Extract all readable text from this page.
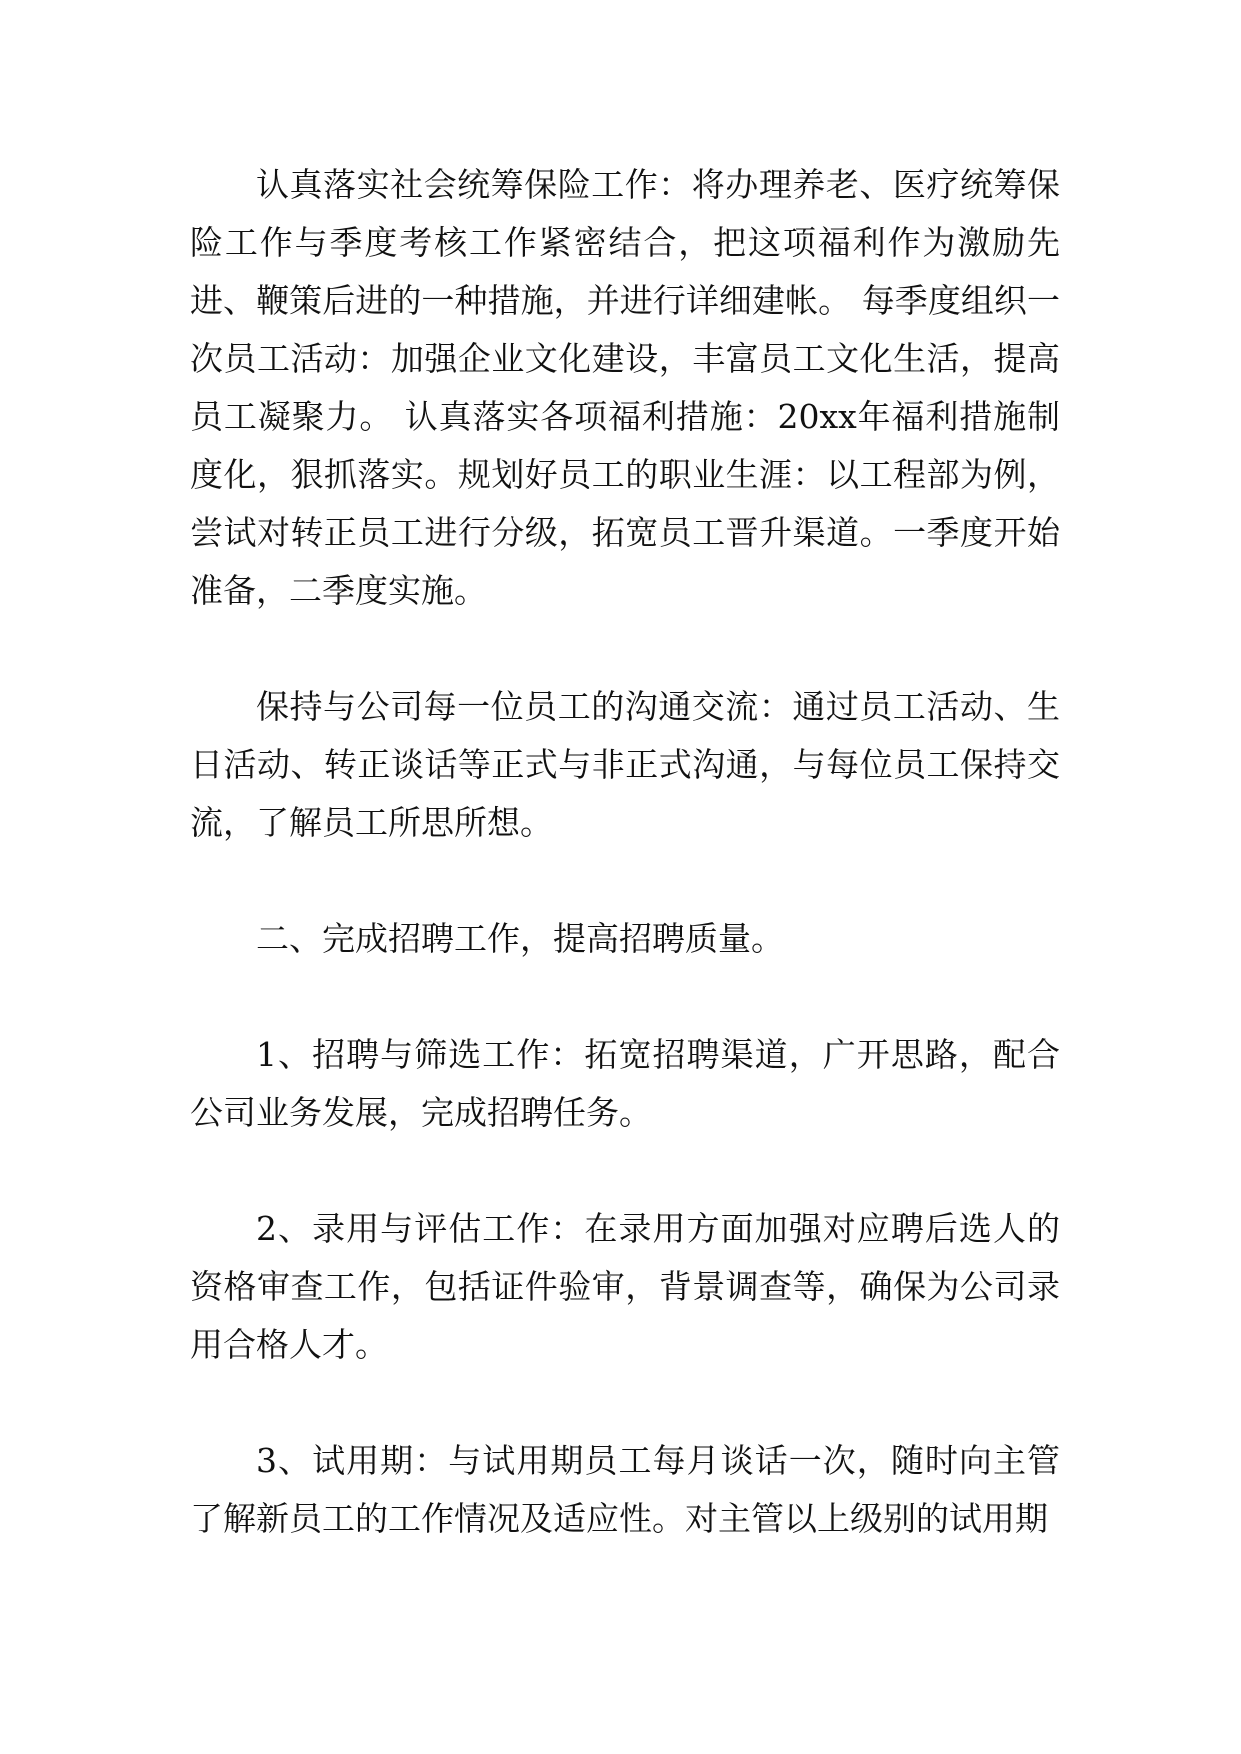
认真落实社会统筹保险工作：将办理养老、医疗统筹保险工作与季度考核工作紧密结合，把这项福利作为激励先进、鞭策后进的一种措施，并进行详细建帐。 每季度组织一次员工活动：加强企业文化建设，丰富员工文化生活，提高员工凝聚力。 认真落实各项福利措施：20xx年福利措施制度化，狠抓落实。规划好员工的职业生涯：以工程部为例，尝试对转正员工进行分级，拓宽员工晋升渠道。一季度开始准备，二季度实施。

保持与公司每一位员工的沟通交流：通过员工活动、生日活动、转正谈话等正式与非正式沟通，与每位员工保持交流，了解员工所思所想。

二、完成招聘工作，提高招聘质量。

1、招聘与筛选工作：拓宽招聘渠道，广开思路，配合公司业务发展，完成招聘任务。

2、录用与评估工作：在录用方面加强对应聘后选人的资格审查工作，包括证件验审，背景调查等，确保为公司录用合格人才。

3、试用期：与试用期员工每月谈话一次，随时向主管了解新员工的工作情况及适应性。对主管以上级别的试用期
